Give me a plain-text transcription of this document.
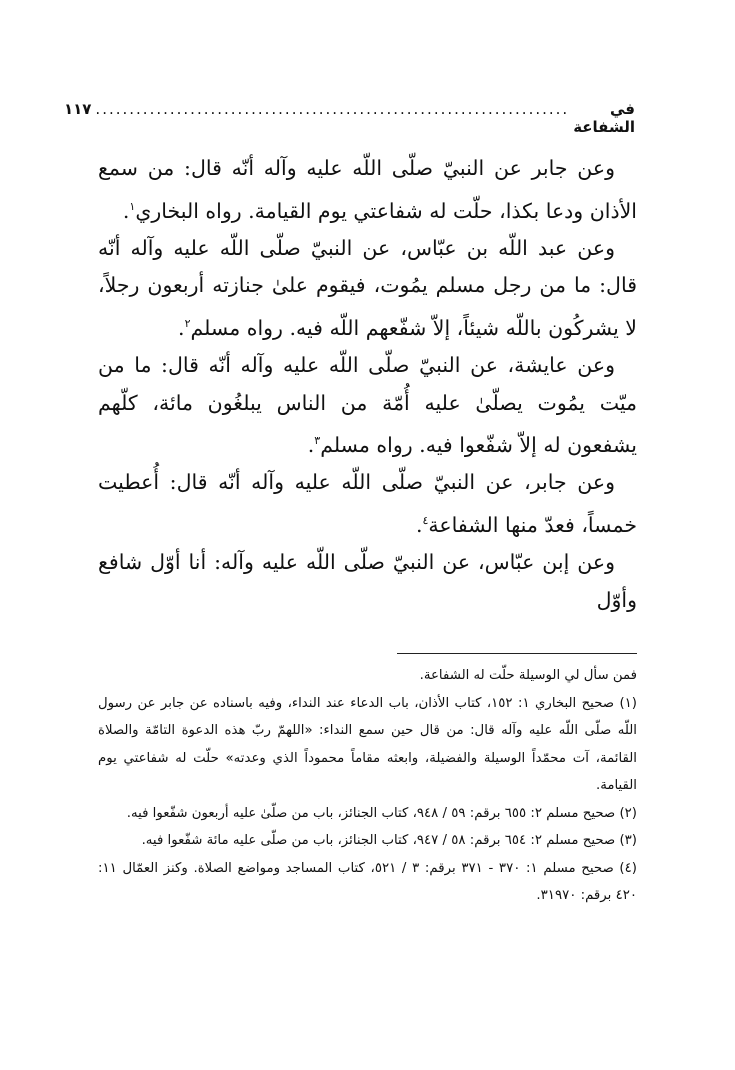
في الشفاعة
......................................................................
١١٧

وعن جابر عن النبيّ صلّى اللّه عليه وآله أنّه قال: من سمع الأذان ودعا بكذا، حلّت له شفاعتي يوم القيامة. رواه البخاري$^١$.

وعن عبد اللّه بن عبّاس، عن النبيّ صلّى اللّه عليه وآله أنّه قال: ما من رجل مسلم يمُوت، فيقوم علىٰ جنازته أربعون رجلاً، لا يشركُون باللّه شيئاً، إلاّ شفّعهم اللّه فيه. رواه مسلم$^٢$.

وعن عايشة، عن النبيّ صلّى اللّه عليه وآله أنّه قال: ما من ميّت يمُوت يصلّىٰ عليه أُمّة من الناس يبلغُون مائة، كلّهم يشفعون له إلاّ شفّعوا فيه. رواه مسلم$^٣$.

وعن جابر، عن النبيّ صلّى اللّه عليه وآله أنّه قال: أُعطيت خمساً، فعدّ منها الشفاعة$^٤$.

وعن إبن عبّاس، عن النبيّ صلّى اللّه عليه وآله: أنا أوّل شافع وأوّل

فمن سأل لي الوسيلة حلّت له الشفاعة.

(١) صحيح البخاري ١: ١٥٢، كتاب الأذان، باب الدعاء عند النداء، وفيه باسناده عن جابر عن رسول اللّه صلّى اللّه عليه وآله قال: من قال حين سمع النداء: «اللهمّ ربّ هذه الدعوة التامّة والصلاة القائمة، آت محمّداً الوسيلة والفضيلة، وابعثه مقاماً محموداً الذي وعدته» حلّت له شفاعتي يوم القيامة.

(٢) صحيح مسلم ٢: ٦٥٥ برقم: ٥٩ / ٩٤٨، كتاب الجنائز، باب من صلّىٰ عليه أربعون شفّعوا فيه.

(٣) صحيح مسلم ٢: ٦٥٤ برقم: ٥٨ / ٩٤٧، كتاب الجنائز، باب من صلّى عليه مائة شفّعوا فيه.

(٤) صحيح مسلم ١: ٣٧٠ - ٣٧١ برقم: ٣ / ٥٢١، كتاب المساجد ومواضع الصلاة. وكنز العمّال ١١: ٤٢٠ برقم: ٣١٩٧٠.
